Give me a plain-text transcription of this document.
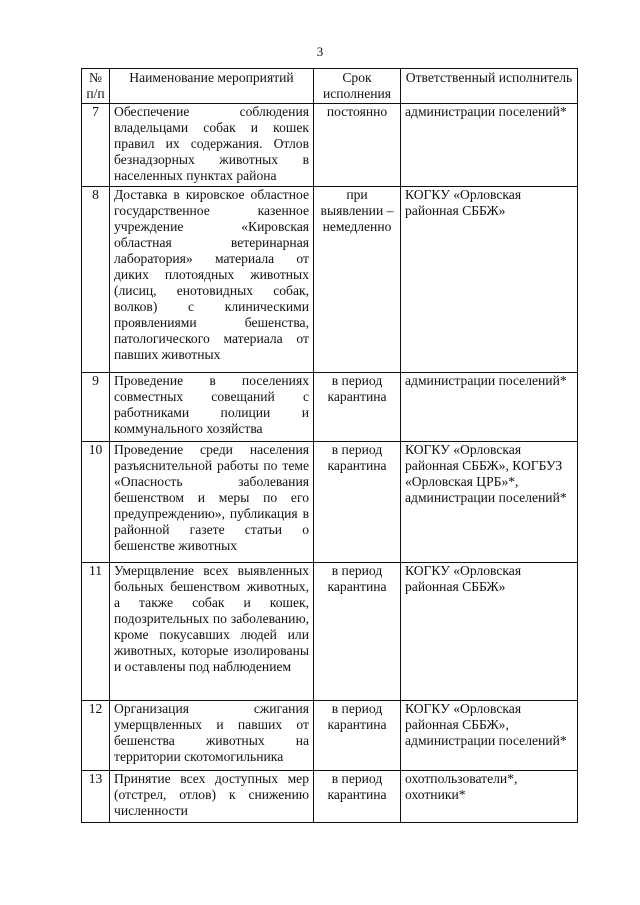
3
№ п/п	Наименование мероприятий	Срок исполнения	Ответственный исполнитель
7	Обеспечение соблюдения владельцами собак и кошек правил их содержания. Отлов безнадзорных животных в населенных пунктах района	постоянно	администрации поселений*
8	Доставка в кировское областное государственное казенное учреждение «Кировская областная ветеринарная лаборатория» материала от диких плотоядных животных (лисиц, енотовидных собак, волков) с клиническими проявлениями бешенства, патологического материала от павших животных	при выявлении – немедленно	КОГКУ «Орловская районная СББЖ»
9	Проведение в поселениях совместных совещаний с работниками полиции и коммунального хозяйства	в период карантина	администрации поселений*
10	Проведение среди населения разъяснительной работы по теме «Опасность заболевания бешенством и меры по его предупреждению», публикация в районной газете статьи о бешенстве животных	в период карантина	КОГКУ «Орловская районная СББЖ», КОГБУЗ «Орловская ЦРБ»*, администрации поселений*
11	Умерщвление всех выявленных больных бешенством животных, а также собак и кошек, подозрительных по заболеванию, кроме покусавших людей или животных, которые изолированы и оставлены под наблюдением	в период карантина	КОГКУ «Орловская районная СББЖ»
12	Организация сжигания умерщвленных и павших от бешенства животных на территории скотомогильника	в период карантина	КОГКУ «Орловская районная СББЖ», администрации поселений*
13	Принятие всех доступных мер (отстрел, отлов) к снижению численности	в период карантина	охотпользователи*, охотники*
